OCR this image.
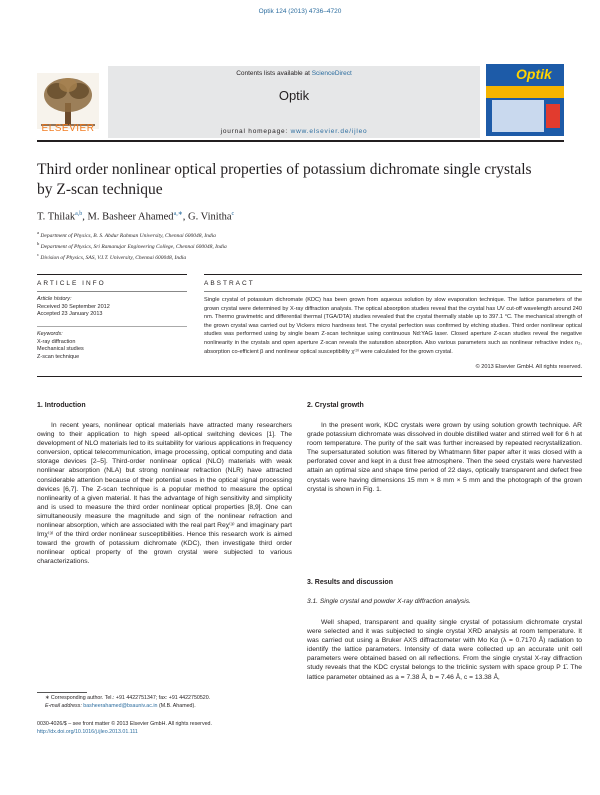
Optik 124 (2013) 4736–4720
ELSEVIER
Contents lists available at ScienceDirect
Optik
journal homepage: www.elsevier.de/ijleo
Optik
Third order nonlinear optical properties of potassium dichromate single crystals
by Z-scan technique
T. Thilak$^{a,b}$, M. Basheer Ahamed$^{a,∗}$, G. Vinitha$^c$
$^a$ Department of Physics, B. S. Abdur Rahman University, Chennai 600048, India
$^b$ Department of Physics, Sri Ramanujar Engineering College, Chennai 600048, India
$^c$ Division of Physics, SAS, V.I.T. University, Chennai 600048, India
ARTICLE INFO	ABSTRACT
Article history:
Received 30 September 2012
Accepted 23 January 2013
Keywords:
X-ray diffraction
Mechanical studies
Z-scan technique
Single crystal of potassium dichromate (KDC) has been grown from aqueous solution by slow evaporation technique. The lattice parameters of the grown crystal were determined by X-ray diffraction analysis. The optical absorption studies reveal that the crystal has UV cut-off wavelength around 240 nm. Thermo gravimetric and differential thermal (TGA/DTA) studies revealed that the crystal thermally stable up to 397.1 °C. The mechanical strength of the grown crystal was carried out by Vickers micro hardness test. The crystal perfection was confirmed by etching studies. Third order nonlinear optical studies was performed using by single beam Z-scan technique using continuous Nd:YAG laser. Closed aperture Z-scan studies reveal the negative nonlinearity in the crystals and open aperture Z-scan reveals the saturation absorption. Also various parameters such as nonlinear refractive index n₂, absorption co-efficient β and nonlinear optical susceptibility χ⁽³⁾ were calculated for the grown crystal.
© 2013 Elsevier GmbH. All rights reserved.
1. Introduction

In recent years, nonlinear optical materials have attracted many researchers owing to their application to high speed all-optical switching devices [1]. The development of NLO materials led to its suitability for various applications in frequency conversion, optical telecommunication, image processing, optical computing and data storage devices [2–5]. Third-order nonlinear optical (NLO) materials with weak nonlinear absorption (NLA) but strong nonlinear refraction (NLR) have attracted considerable attention because of their potential uses in the optical signal processing devices [6,7]. The Z-scan technique is a popular method to measure the optical nonlinearity of a given material. It has the advantage of high sensitivity and simplicity and is used to measure the third order nonlinear optical properties [8,9]. One can simultaneously measure the magnitude and sign of the nonlinear refraction and nonlinear absorption, which are associated with the real part Reχ⁽³⁾ and imaginary part Imχ⁽³⁾ of the third order nonlinear susceptibilities. Hence this research work is aimed toward the growth of potassium dichromate (KDC), then investigate third order nonlinear optical property of the grown crystal were subjected to various characterizations.

∗ Corresponding author. Tel.: +91 4422751347; fax: +91 4422750520.
E-mail address: basheerahamed@bsauniv.ac.in (M.B. Ahamed).
0030-4026/$ – see front matter © 2013 Elsevier GmbH. All rights reserved.
http://dx.doi.org/10.1016/j.ijleo.2013.01.111
2. Crystal growth

In the present work, KDC crystals were grown by using solution growth technique. AR grade potassium dichromate was dissolved in double distilled water and stirred well for 6 h at room temperature. The purity of the salt was further increased by repeated recrystallization. The supersaturated solution was filtered by Whatmann filter paper after it was closed with a perforated cover and kept in a dust free atmosphere. Then the seed crystals were harvested attain an optimal size and shape time period of 22 days, optically transparent and defect free crystals were having dimensions 15 mm × 8 mm × 5 mm and the photograph of the grown crystal is shown in Fig. 1.

3. Results and discussion
3.1. Single crystal and powder X-ray diffraction analysis.

Well shaped, transparent and quality single crystal of potassium dichromate crystal were selected and it was subjected to single crystal XRD analysis at room temperature. It was carried out using a Bruker AXS diffractometer with Mo Kα (λ = 0.7170 Å) radiation to identify the lattice parameters. Intensity of data were collected up an accurate unit cell parameters were obtained based on all reflections. From the single crystal X-ray diffraction study reveals that the KDC crystal belongs to the triclinic system with space group P 1̄. The lattice parameter obtained as a = 7.38 Å, b = 7.46 Å, c = 13.38 Å,
